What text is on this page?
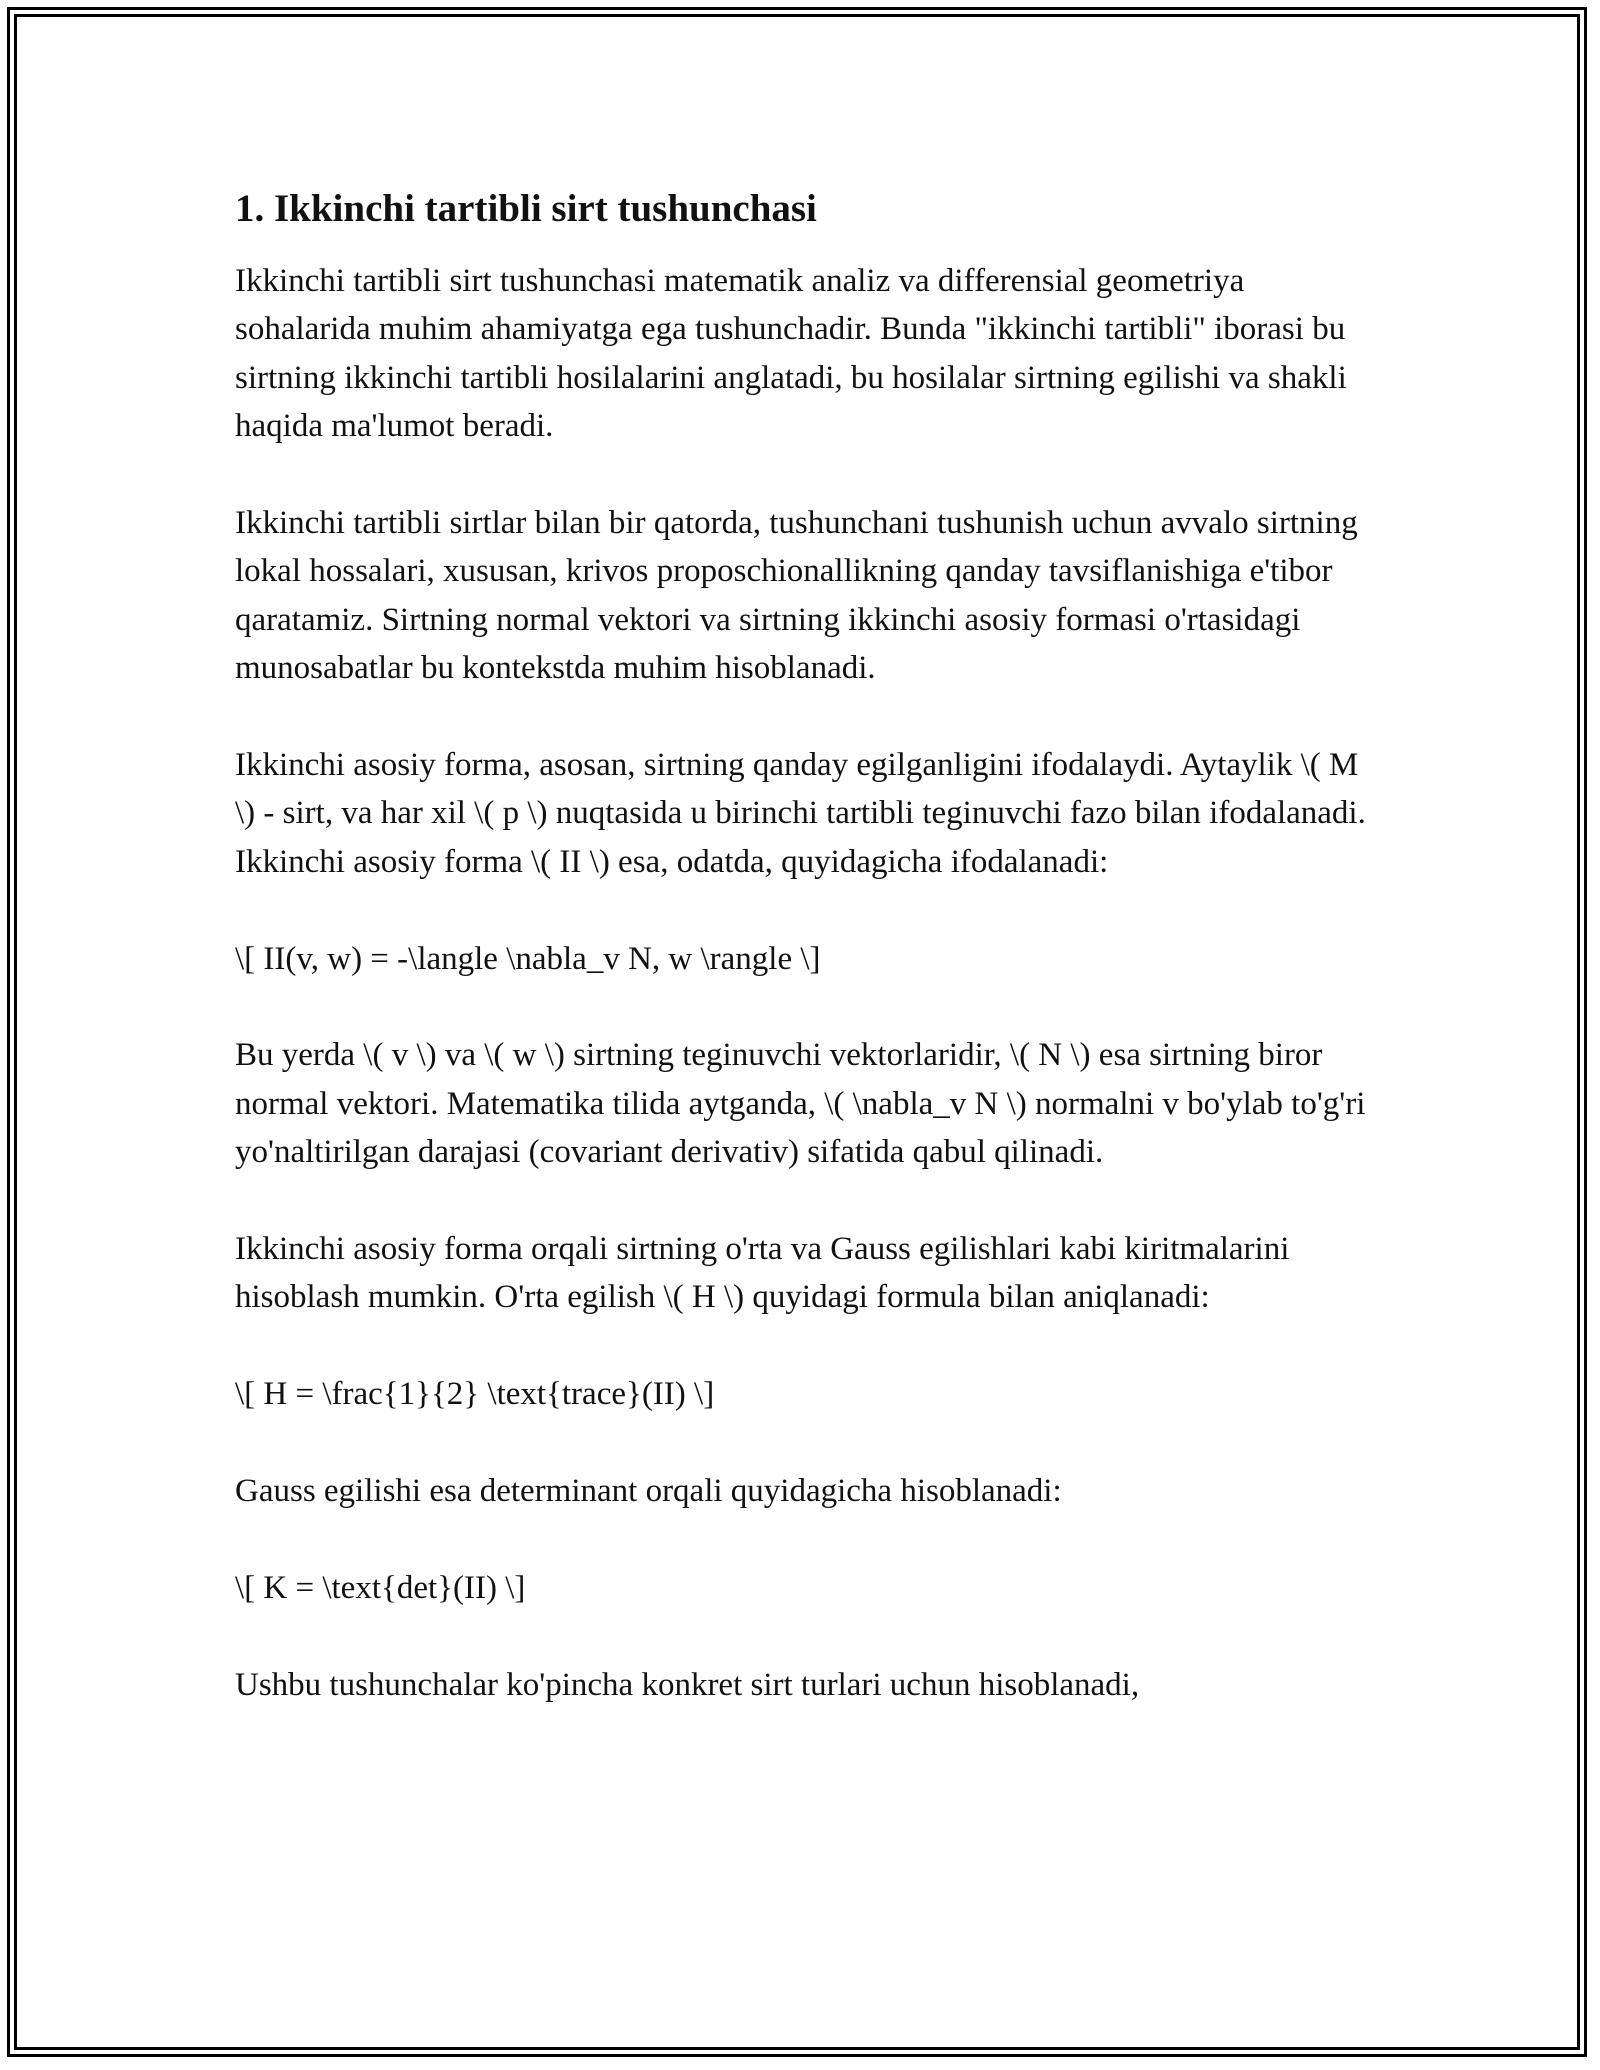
1. Ikkinchi tartibli sirt tushunchasi

Ikkinchi tartibli sirt tushunchasi matematik analiz va differensial geometriya sohalarida muhim ahamiyatga ega tushunchadir. Bunda "ikkinchi tartibli" iborasi bu sirtning ikkinchi tartibli hosilalarini anglatadi, bu hosilalar sirtning egilishi va shakli haqida ma'lumot beradi.

Ikkinchi tartibli sirtlar bilan bir qatorda, tushunchani tushunish uchun avvalo sirtning lokal hossalari, xususan, krivos proposchionallikning qanday tavsiflanishiga e'tibor qaratamiz. Sirtning normal vektori va sirtning ikkinchi asosiy formasi o'rtasidagi munosabatlar bu kontekstda muhim hisoblanadi.

Ikkinchi asosiy forma, asosan, sirtning qanday egilganligini ifodalaydi. Aytaylik \( M \) - sirt, va har xil \( p \) nuqtasida u birinchi tartibli teginuvchi fazo bilan ifodalanadi. Ikkinchi asosiy forma \( II \) esa, odatda, quyidagicha ifodalanadi:

\[ II(v, w) = -\langle \nabla_v N, w \rangle \]

Bu yerda \( v \) va \( w \) sirtning teginuvchi vektorlaridir, \( N \) esa sirtning biror normal vektori. Matematika tilida aytganda, \( \nabla_v N \) normalni v bo'ylab to'g'ri yo'naltirilgan darajasi (covariant derivativ) sifatida qabul qilinadi.

Ikkinchi asosiy forma orqali sirtning o'rta va Gauss egilishlari kabi kiritmalarini hisoblash mumkin. O'rta egilish \( H \) quyidagi formula bilan aniqlanadi:

\[ H = \frac{1}{2} \text{trace}(II) \]

Gauss egilishi esa determinant orqali quyidagicha hisoblanadi:

\[ K = \text{det}(II) \]

Ushbu tushunchalar ko'pincha konkret sirt turlari uchun hisoblanadi,
